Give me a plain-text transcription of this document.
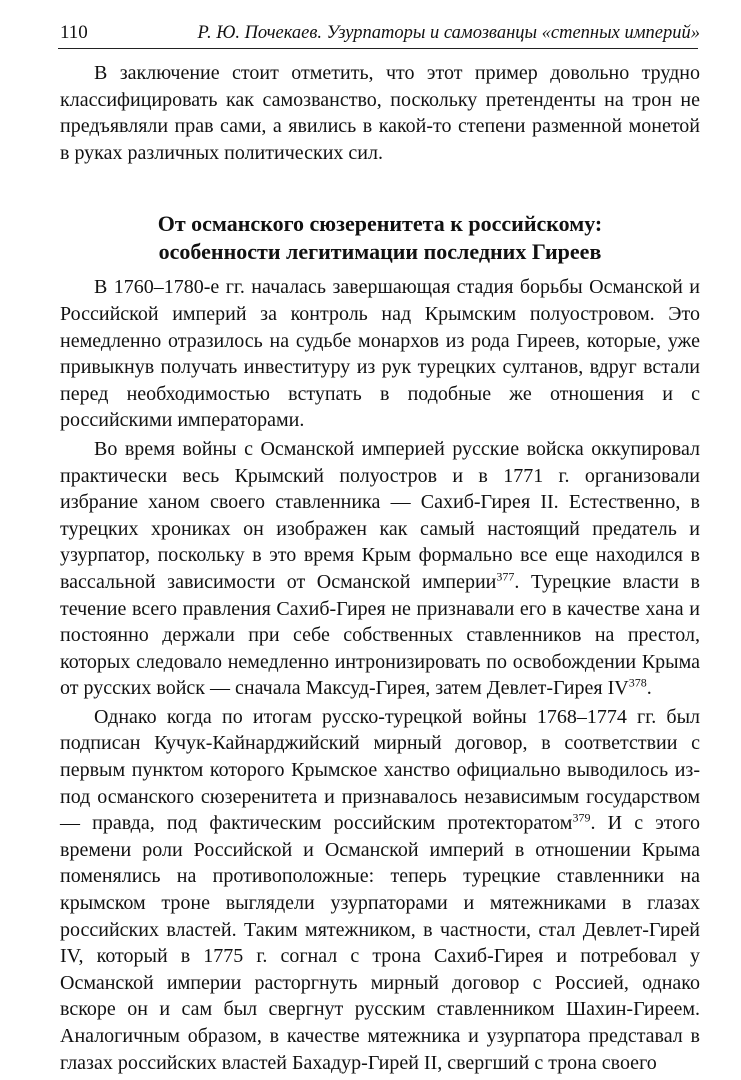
110	Р. Ю. Почекаев. Узурпаторы и самозванцы «степных империй»

В заключение стоит отметить, что этот пример довольно трудно классифицировать как самозванство, поскольку претенденты на трон не предъявляли прав сами, а явились в какой-то степени разменной монетой в руках различных политических сил.

От османского сюзеренитета к российскому:
особенности легитимации последних Гиреев

В 1760–1780-е гг. началась завершающая стадия борьбы Османской и Российской империй за контроль над Крымским полуостровом. Это немедленно отразилось на судьбе монархов из рода Гиреев, которые, уже привыкнув получать инвеституру из рук турецких султанов, вдруг встали перед необходимостью вступать в подобные же отношения и с российскими императорами.

Во время войны с Османской империей русские войска оккупировал практически весь Крымский полуостров и в 1771 г. организовали избрание ханом своего ставленника — Сахиб-Гирея II. Естественно, в турецких хрониках он изображен как самый настоящий предатель и узурпатор, поскольку в это время Крым формально все еще находился в вассальной зависимости от Османской империи$^{377}$. Турецкие власти в течение всего правления Сахиб-Гирея не признавали его в качестве хана и постоянно держали при себе собственных ставленников на престол, которых следовало немедленно интронизировать по освобождении Крыма от русских войск — сначала Максуд-Гирея, затем Девлет-Гирея IV$^{378}$.

Однако когда по итогам русско-турецкой войны 1768–1774 гг. был подписан Кучук-Кайнарджийский мирный договор, в соответствии с первым пунктом которого Крымское ханство официально выводилось из-под османского сюзеренитета и признавалось независимым государством — правда, под фактическим российским протекторатом$^{379}$. И с этого времени роли Российской и Османской империй в отношении Крыма поменялись на противоположные: теперь турецкие ставленники на крымском троне выглядели узурпаторами и мятежниками в глазах российских властей. Таким мятежником, в частности, стал Девлет-Гирей IV, который в 1775 г. согнал с трона Сахиб-Гирея и потребовал у Османской империи расторгнуть мирный договор с Россией, однако вскоре он и сам был свергнут русским ставленником Шахин-Гиреем. Аналогичным образом, в качестве мятежника и узурпатора представал в глазах российских властей Бахадур-Гирей II, свергший с трона своего
